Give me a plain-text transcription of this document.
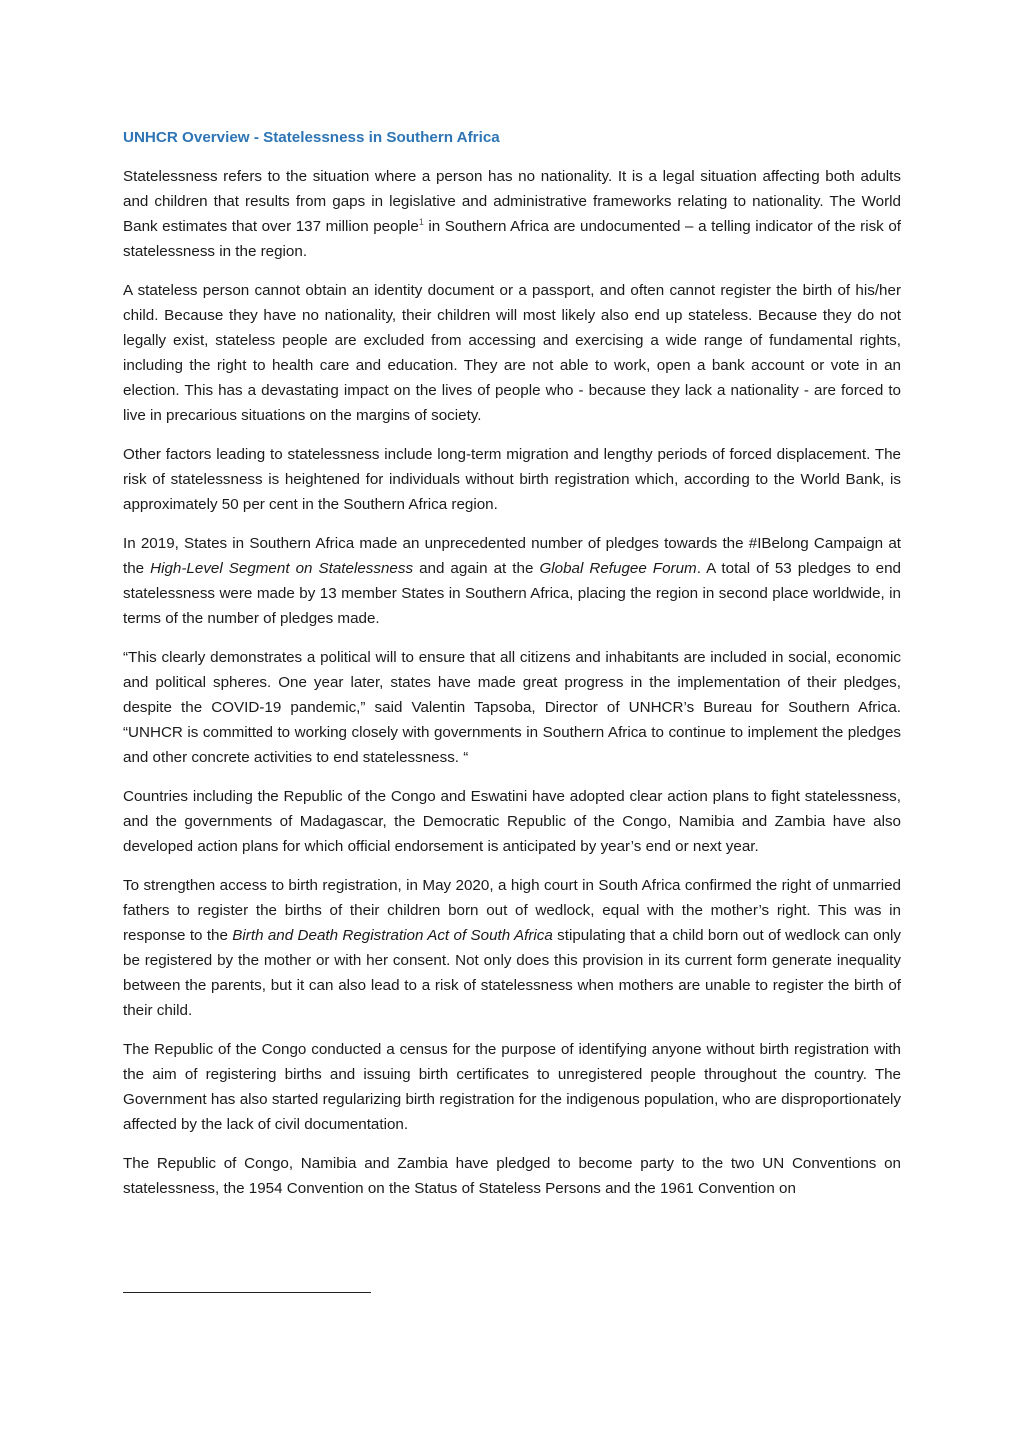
UNHCR Overview - Statelessness in Southern Africa

Statelessness refers to the situation where a person has no nationality. It is a legal situation affecting both adults and children that results from gaps in legislative and administrative frameworks relating to nationality. The World Bank estimates that over 137 million people$^1$ in Southern Africa are undocumented – a telling indicator of the risk of statelessness in the region.

A stateless person cannot obtain an identity document or a passport, and often cannot register the birth of his/her child. Because they have no nationality, their children will most likely also end up stateless. Because they do not legally exist, stateless people are excluded from accessing and exercising a wide range of fundamental rights, including the right to health care and education. They are not able to work, open a bank account or vote in an election. This has a devastating impact on the lives of people who - because they lack a nationality - are forced to live in precarious situations on the margins of society.

Other factors leading to statelessness include long-term migration and lengthy periods of forced displacement. The risk of statelessness is heightened for individuals without birth registration which, according to the World Bank, is approximately 50 per cent in the Southern Africa region.

In 2019, States in Southern Africa made an unprecedented number of pledges towards the #IBelong Campaign at the High-Level Segment on Statelessness and again at the Global Refugee Forum. A total of 53 pledges to end statelessness were made by 13 member States in Southern Africa, placing the region in second place worldwide, in terms of the number of pledges made.

“This clearly demonstrates a political will to ensure that all citizens and inhabitants are included in social, economic and political spheres. One year later, states have made great progress in the implementation of their pledges, despite the COVID-19 pandemic,” said Valentin Tapsoba, Director of UNHCR’s Bureau for Southern Africa. “UNHCR is committed to working closely with governments in Southern Africa to continue to implement the pledges and other concrete activities to end statelessness. “

Countries including the Republic of the Congo and Eswatini have adopted clear action plans to fight statelessness, and the governments of Madagascar, the Democratic Republic of the Congo, Namibia and Zambia have also developed action plans for which official endorsement is anticipated by year’s end or next year.

To strengthen access to birth registration, in May 2020, a high court in South Africa confirmed the right of unmarried fathers to register the births of their children born out of wedlock, equal with the mother’s right. This was in response to the Birth and Death Registration Act of South Africa stipulating that a child born out of wedlock can only be registered by the mother or with her consent. Not only does this provision in its current form generate inequality between the parents, but it can also lead to a risk of statelessness when mothers are unable to register the birth of their child.

The Republic of the Congo conducted a census for the purpose of identifying anyone without birth registration with the aim of registering births and issuing birth certificates to unregistered people throughout the country. The Government has also started regularizing birth registration for the indigenous population, who are disproportionately affected by the lack of civil documentation.

The Republic of Congo, Namibia and Zambia have pledged to become party to the two UN Conventions on statelessness, the 1954 Convention on the Status of Stateless Persons and the 1961 Convention on
